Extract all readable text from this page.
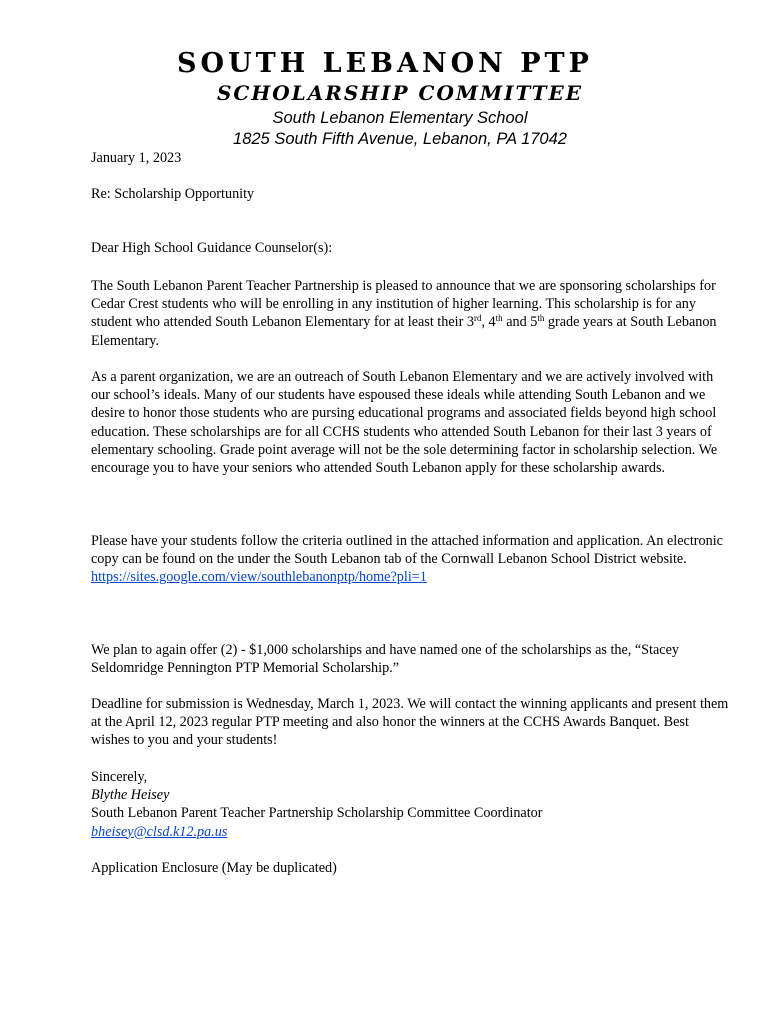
SOUTH LEBANON PTP
SCHOLARSHIP COMMITTEE
South Lebanon Elementary School
1825 South Fifth Avenue, Lebanon, PA 17042
January 1, 2023
Re: Scholarship Opportunity
Dear High School Guidance Counselor(s):
The South Lebanon Parent Teacher Partnership is pleased to announce that we are sponsoring scholarships for Cedar Crest students who will be enrolling in any institution of higher learning. This scholarship is for any student who attended South Lebanon Elementary for at least their 3rd, 4th and 5th grade years at South Lebanon Elementary.
As a parent organization, we are an outreach of South Lebanon Elementary and we are actively involved with our school’s ideals. Many of our students have espoused these ideals while attending South Lebanon and we desire to honor those students who are pursing educational programs and associated fields beyond high school education. These scholarships are for all CCHS students who attended South Lebanon for their last 3 years of elementary schooling. Grade point average will not be the sole determining factor in scholarship selection. We encourage you to have your seniors who attended South Lebanon apply for these scholarship awards.

Please have your students follow the criteria outlined in the attached information and application. An electronic copy can be found on the under the South Lebanon tab of the Cornwall Lebanon School District website.

https://sites.google.com/view/southlebanonptp/home?pli=1

We plan to again offer (2) - $1,000 scholarships and have named one of the scholarships as the, “Stacey Seldomridge Pennington PTP Memorial Scholarship.”
Deadline for submission is Wednesday, March 1, 2023. We will contact the winning applicants and present them at the April 12, 2023 regular PTP meeting and also honor the winners at the CCHS Awards Banquet. Best wishes to you and your students!

Sincerely,

Blythe Heisey

South Lebanon Parent Teacher Partnership Scholarship Committee Coordinator

bheisey@clsd.k12.pa.us

Application Enclosure (May be duplicated)
